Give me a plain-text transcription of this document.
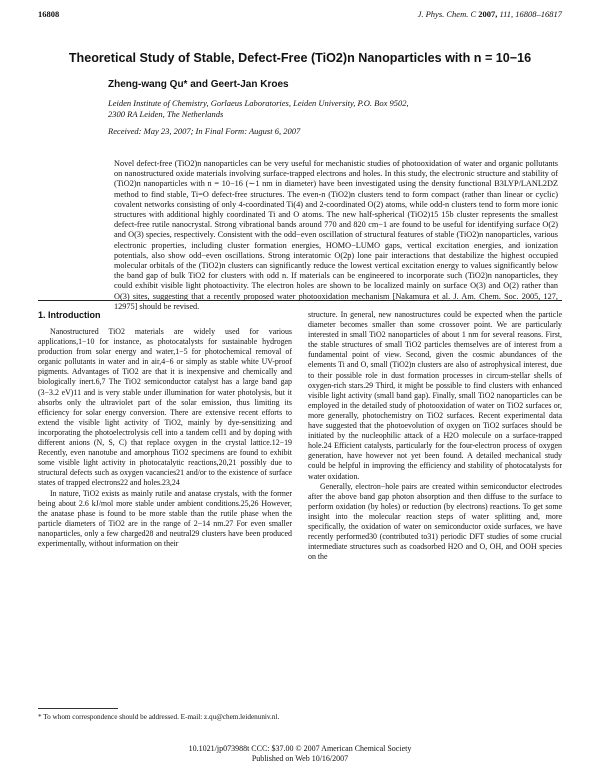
16808	J. Phys. Chem. C 2007, 111, 16808–16817
Theoretical Study of Stable, Defect-Free (TiO2)n Nanoparticles with n = 10−16
Zheng-wang Qu* and Geert-Jan Kroes
Leiden Institute of Chemistry, Gorlaeus Laboratories, Leiden University, P.O. Box 9502,
2300 RA Leiden, The Netherlands
Received: May 23, 2007; In Final Form: August 6, 2007
Novel defect-free (TiO2)n nanoparticles can be very useful for mechanistic studies of photooxidation of water and organic pollutants on nanostructured oxide materials involving surface-trapped electrons and holes. In this study, the electronic structure and stability of (TiO2)n nanoparticles with n = 10−16 (∼1 nm in diameter) have been investigated using the density functional B3LYP/LANL2DZ method to find stable, Ti=O defect-free structures. The even-n (TiO2)n clusters tend to form compact (rather than linear or cyclic) covalent networks consisting of only 4-coordinated Ti(4) and 2-coordinated O(2) atoms, while odd-n clusters tend to form more ionic structures with additional highly coordinated Ti and O atoms. The new half-spherical (TiO2)15 15b cluster represents the smallest defect-free rutile nanocrystal. Strong vibrational bands around 770 and 820 cm−1 are found to be useful for identifying surface O(2) and O(3) species, respectively. Consistent with the odd−even oscillation of structural features of stable (TiO2)n nanoparticles, various electronic properties, including cluster formation energies, HOMO−LUMO gaps, vertical excitation energies, and ionization potentials, also show odd−even oscillations. Strong interatomic O(2p) lone pair interactions that destabilize the highest occupied molecular orbitals of the (TiO2)n clusters can significantly reduce the lowest vertical excitation energy to values significantly below the band gap of bulk TiO2 for clusters with odd n. If materials can be engineered to incorporate such (TiO2)n nanoparticles, they could exhibit visible light photoactivity. The electron holes are shown to be localized mainly on surface O(3) and O(2) rather than O(3) sites, suggesting that a recently proposed water photooxidation mechanism [Nakamura et al. J. Am. Chem. Soc. 2005, 127, 12975] should be revised.
1. Introduction

Nanostructured TiO2 materials are widely used for various applications,1−10 for instance, as photocatalysts for sustainable hydrogen production from solar energy and water,1−5 for photochemical removal of organic pollutants in water and in air,4−6 or simply as stable white UV-proof pigments. Advantages of TiO2 are that it is inexpensive and chemically and biologically inert.6,7 The TiO2 semiconductor catalyst has a large band gap (3−3.2 eV)11 and is very stable under illumination for water photolysis, but it absorbs only the ultraviolet part of the solar emission, thus limiting its efficiency for solar energy conversion. There are extensive recent efforts to extend the visible light activity of TiO2, mainly by dye-sensitizing and incorporating the photoelectrolysis cell into a tandem cell1 and by doping with different anions (N, S, C) that replace oxygen in the crystal lattice.12−19 Recently, even nanotube and amorphous TiO2 specimens are found to exhibit some visible light activity in photocatalytic reactions,20,21 possibly due to structural defects such as oxygen vacancies21 and/or to the existence of surface states of trapped electrons22 and holes.23,24

In nature, TiO2 exists as mainly rutile and anatase crystals, with the former being about 2.6 kJ/mol more stable under ambient conditions.25,26 However, the anatase phase is found to be more stable than the rutile phase when the particle diameters of TiO2 are in the range of 2−14 nm.27 For even smaller nanoparticles, only a few charged28 and neutral29 clusters have been produced experimentally, without information on their

structure. In general, new nanostructures could be expected when the particle diameter becomes smaller than some crossover point. We are particularly interested in small TiO2 nanoparticles of about 1 nm for several reasons. First, the stable structures of small TiO2 particles themselves are of interest from a fundamental point of view. Second, given the cosmic abundances of the elements Ti and O, small (TiO2)n clusters are also of astrophysical interest, due to their possible role in dust formation processes in circum-stellar shells of oxygen-rich stars.29 Third, it might be possible to find clusters with enhanced visible light activity (small band gap). Finally, small TiO2 nanoparticles can be employed in the detailed study of photooxidation of water on TiO2 surfaces or, more generally, photochemistry on TiO2 surfaces. Recent experimental data have suggested that the photoevolution of oxygen on TiO2 surfaces should be initiated by the nucleophilic attack of a H2O molecule on a surface-trapped hole.24 Efficient catalysts, particularly for the four-electron process of oxygen generation, have however not yet been found. A detailed mechanical study could be helpful in improving the efficiency and stability of photocatalysts for water oxidation.

Generally, electron−hole pairs are created within semiconductor electrodes after the above band gap photon absorption and then diffuse to the surface to perform oxidation (by holes) or reduction (by electrons) reactions. To get some insight into the molecular reaction steps of water splitting and, more specifically, the oxidation of water on semiconductor oxide surfaces, we have recently performed30 (contributed to31) periodic DFT studies of some crucial intermediate structures such as coadsorbed H2O and O, OH, and OOH species on the

* To whom correspondence should be addressed. E-mail: z.qu@chem.leidenuniv.nl.
10.1021/jp073988t CCC: $37.00 © 2007 American Chemical Society
Published on Web 10/16/2007
